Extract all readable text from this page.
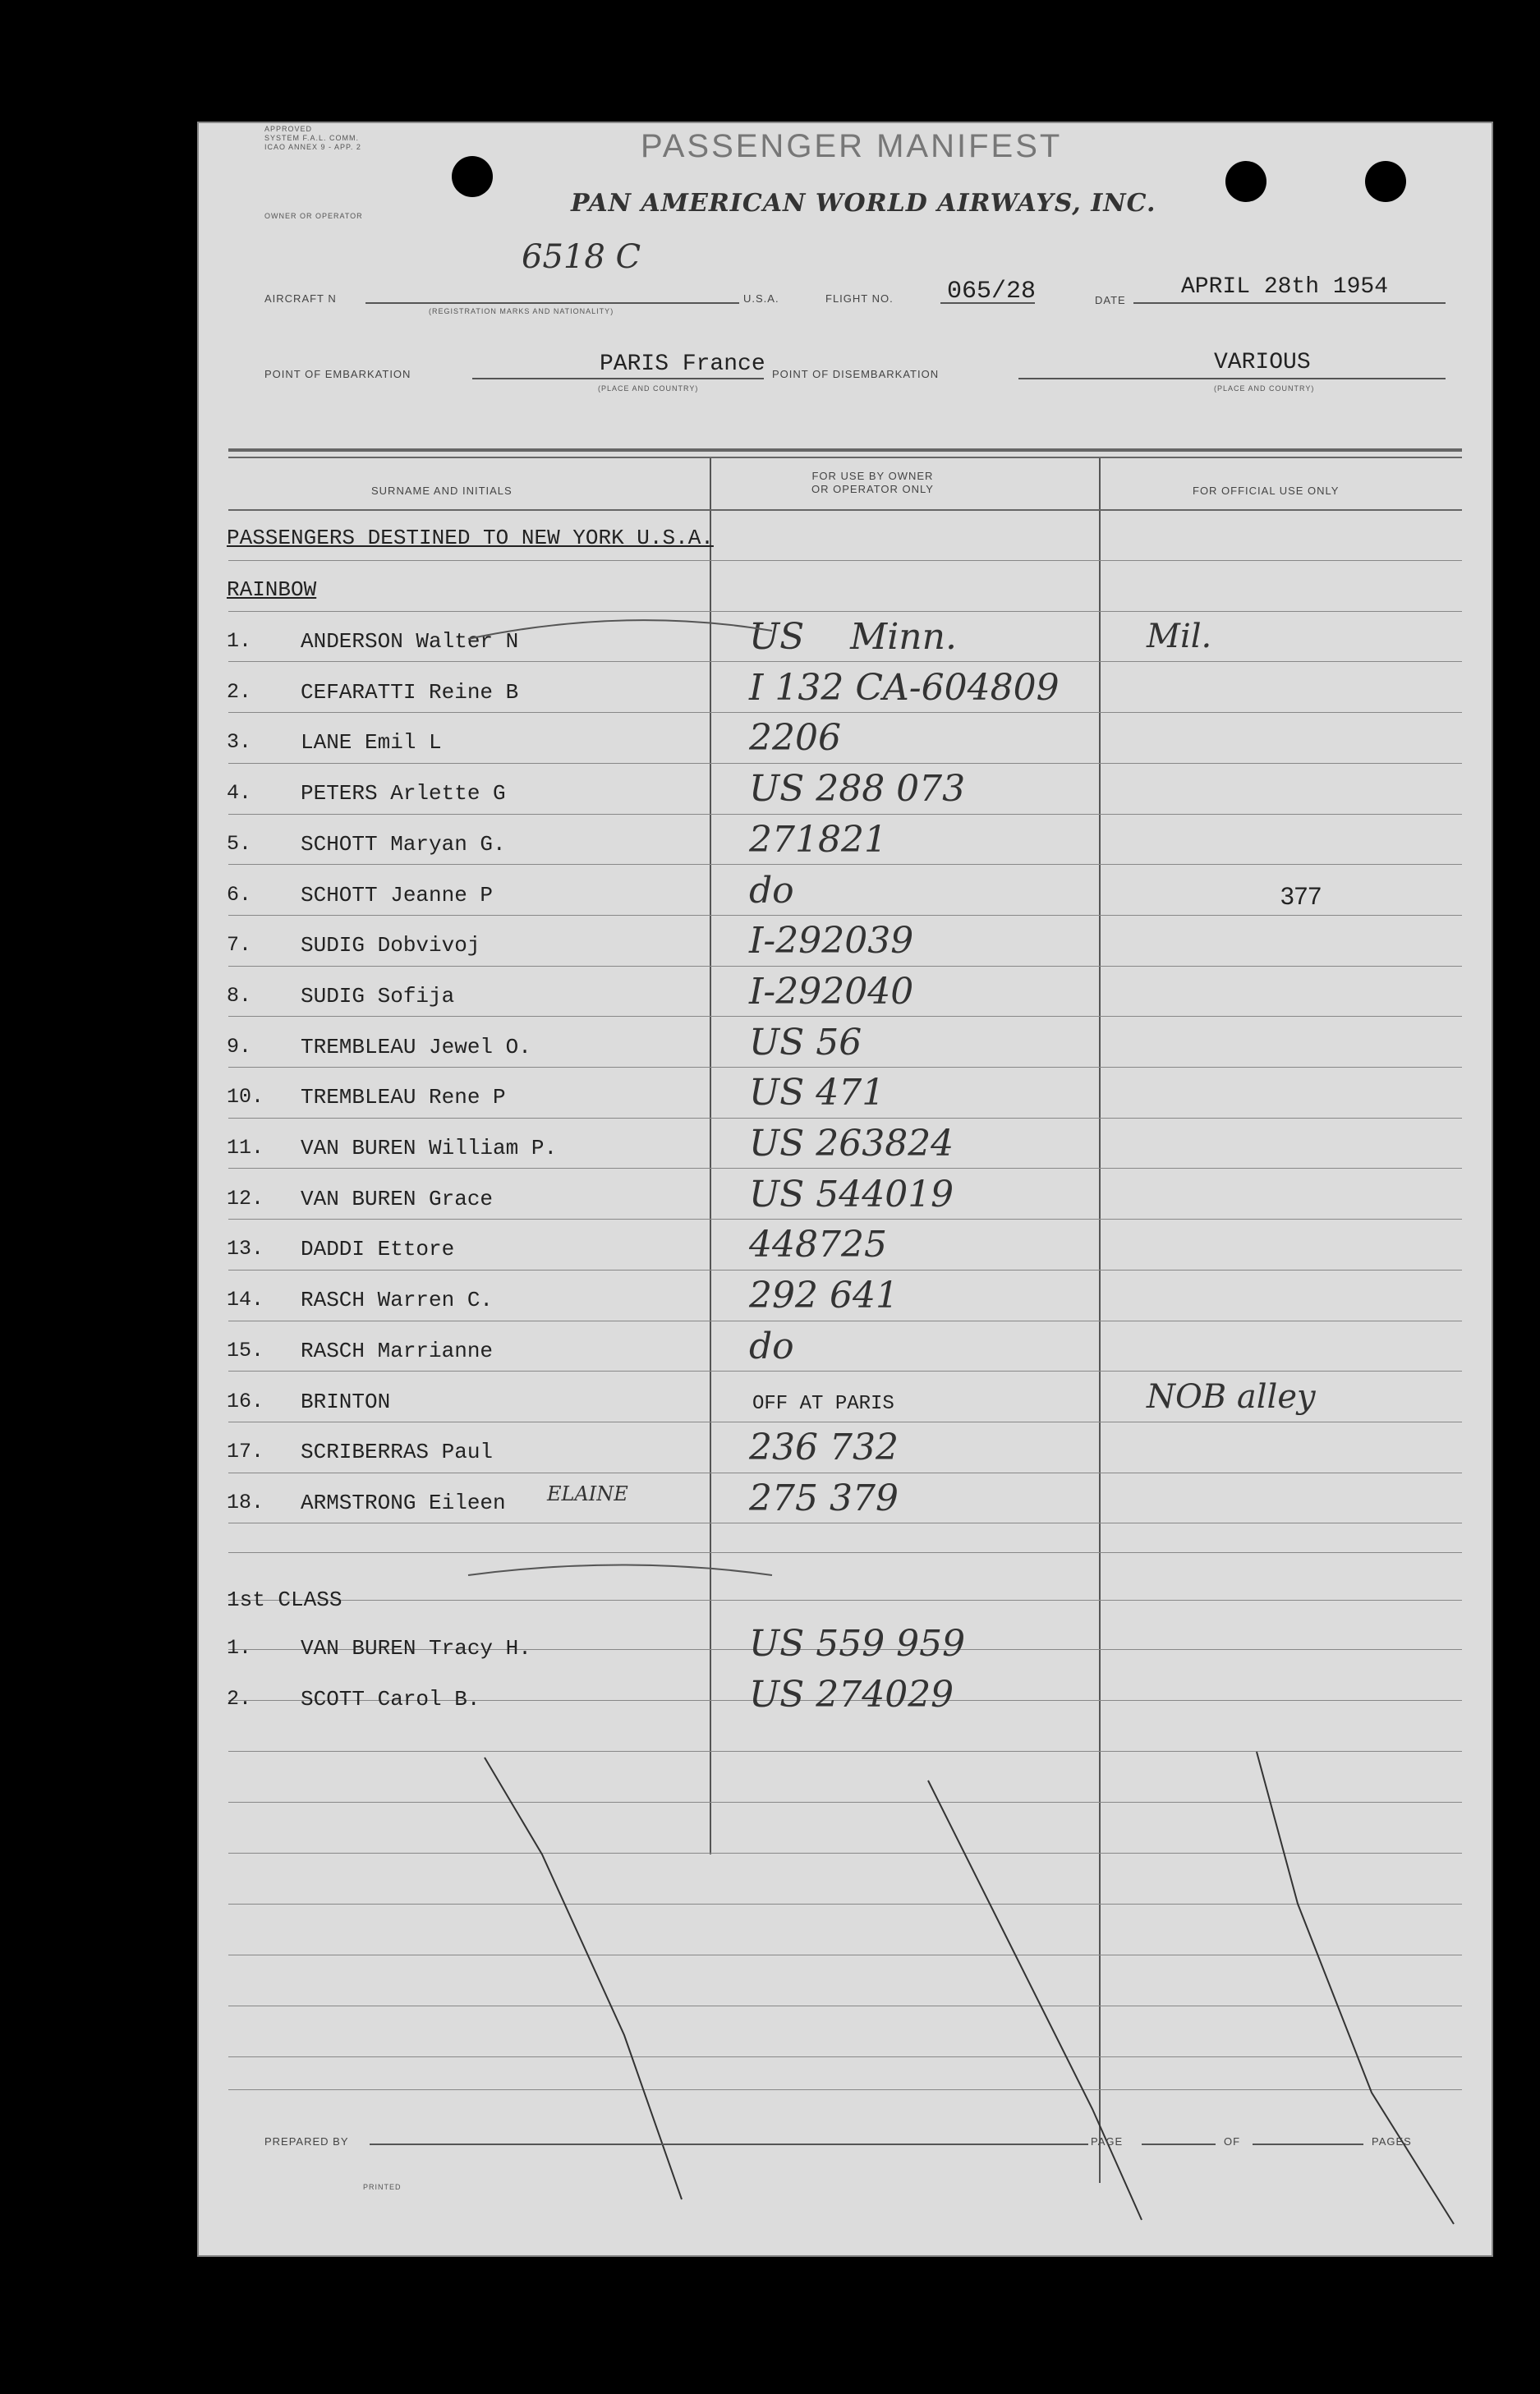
APPROVED
SYSTEM F.A.L. COMM.
ICAO ANNEX 9 - APP. 2	PASSENGER MANIFEST
OWNER OR OPERATOR	PAN AMERICAN WORLD AIRWAYS, INC.
AIRCRAFT N
6518 C
(REGISTRATION MARKS AND NATIONALITY)
U.S.A.	FLIGHT NO. 065/28	DATE
APRIL 28th 1954
POINT OF EMBARKATION	PARIS France
(PLACE AND COUNTRY)
POINT OF DISEMBARKATION	VARIOUS
(PLACE AND COUNTRY)
SURNAME AND INITIALS
FOR USE BY OWNER
OR OPERATOR ONLY	FOR OFFICIAL USE ONLY
PASSENGERS DESTINED TO NEW YORK U.S.A.
RAINBOW
1.	ANDERSON Walter N	US    Minn.	Mil.
2.	CEFARATTI Reine B	I 132 CA-604809
3.	LANE Emil L	2206
4.	PETERS Arlette G	US 288 073
5.	SCHOTT Maryan G.	271821
6.	SCHOTT Jeanne P	do	377
7.	SUDIG Dobvivoj	I-292039
8.	SUDIG Sofija	I-292040
9.	TREMBLEAU Jewel O.	US 56
10.	TREMBLEAU Rene P	US 471
11.	VAN BUREN William P.	US 263824
12.	VAN BUREN Grace	US 544019
13.	DADDI Ettore	448725
14.	RASCH Warren C.	292 641
15.	RASCH Marrianne	do
16.	BRINTON	OFF AT PARIS	NOB alley
17.	SCRIBERRAS Paul	236 732
18.	ARMSTRONG Eileen ELAINE	275 379
1st CLASS
1.	VAN BUREN Tracy H.	US 559 959
2.	SCOTT Carol B.	US 274029
PREPARED BY	PAGE	OF	PAGES
PRINTED
